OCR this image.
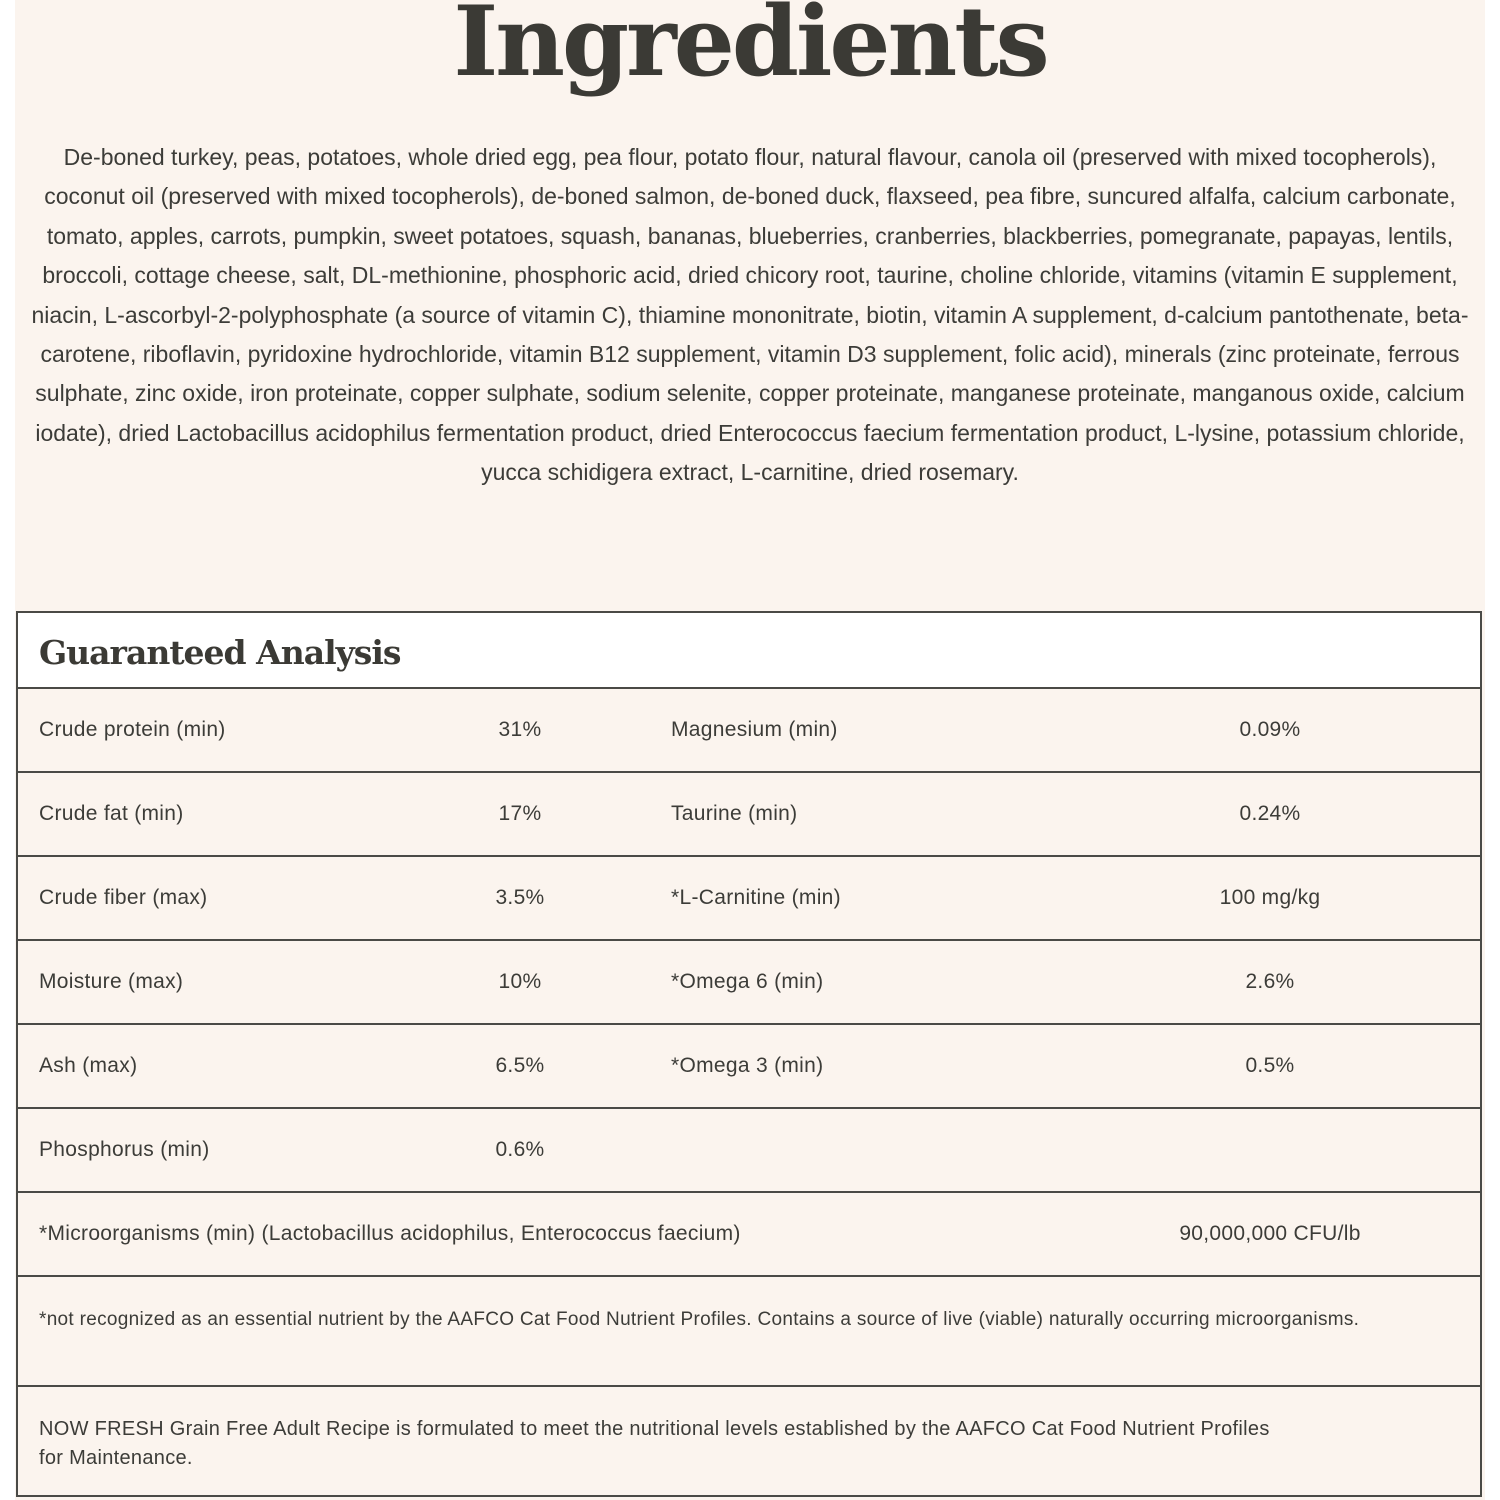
Ingredients
De-boned turkey, peas, potatoes, whole dried egg, pea flour, potato flour, natural flavour, canola oil (preserved with mixed tocopherols), coconut oil (preserved with mixed tocopherols), de-boned salmon, de-boned duck, flaxseed, pea fibre, suncured alfalfa, calcium carbonate, tomato, apples, carrots, pumpkin, sweet potatoes, squash, bananas, blueberries, cranberries, blackberries, pomegranate, papayas, lentils, broccoli, cottage cheese, salt, DL-methionine, phosphoric acid, dried chicory root, taurine, choline chloride, vitamins (vitamin E supplement, niacin, L-ascorbyl-2-polyphosphate (a source of vitamin C), thiamine mononitrate, biotin, vitamin A supplement, d-calcium pantothenate, beta-carotene, riboflavin, pyridoxine hydrochloride, vitamin B12 supplement, vitamin D3 supplement, folic acid), minerals (zinc proteinate, ferrous sulphate, zinc oxide, iron proteinate, copper sulphate, sodium selenite, copper proteinate, manganese proteinate, manganous oxide, calcium iodate), dried Lactobacillus acidophilus fermentation product, dried Enterococcus faecium fermentation product, L-lysine, potassium chloride, yucca schidigera extract, L-carnitine, dried rosemary.
Guaranteed Analysis
Crude protein (min)	31%	Magnesium (min)	0.09%
Crude fat (min)	17%	Taurine (min)	0.24%
Crude fiber (max)	3.5%	*L-Carnitine (min)	100 mg/kg
Moisture (max)	10%	*Omega 6 (min)	2.6%
Ash (max)	6.5%	*Omega 3 (min)	0.5%
Phosphorus (min)	0.6%
*Microorganisms (min) (Lactobacillus acidophilus, Enterococcus faecium)	90,000,000 CFU/lb
*not recognized as an essential nutrient by the AAFCO Cat Food Nutrient Profiles. Contains a source of live (viable) naturally occurring microorganisms.
NOW FRESH Grain Free Adult Recipe is formulated to meet the nutritional levels established by the AAFCO Cat Food Nutrient Profiles for Maintenance.
